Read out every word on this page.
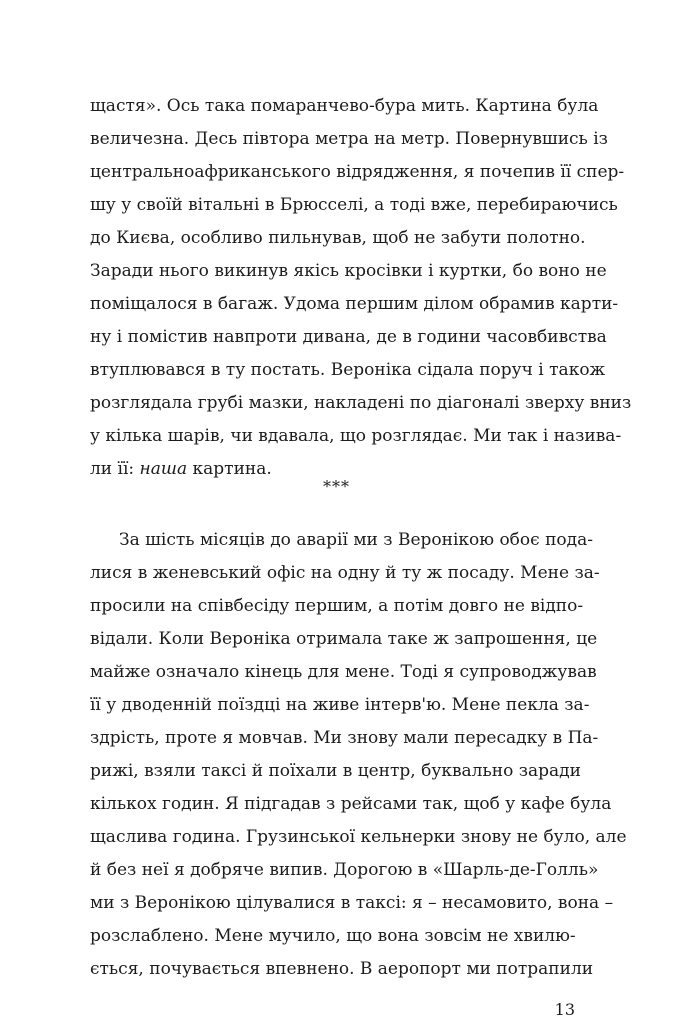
щастя». Ось така помаранчево-бура мить. Картина була
величезна. Десь півтора метра на метр. Повернувшись із
центральноафриканського відрядження, я почепив її спер-
шу у своїй вітальні в Брюсселі, а тоді вже, перебираючись
до Києва, особливо пильнував, щоб не забути полотно.
Заради нього викинув якісь кросівки і куртки, бо воно не
поміщалося в багаж. Удома першим ділом обрамив карти-
ну і помістив навпроти дивана, де в години часовбивства
втуплювався в ту постать. Вероніка сідала поруч і також
розглядала грубі мазки, накладені по діагоналі зверху вниз
у кілька шарів, чи вдавала, що розглядає. Ми так і назива-
ли її: наша картина.
***
За шість місяців до аварії ми з Веронікою обоє пода-
лися в женевський офіс на одну й ту ж посаду. Мене за-
просили на співбесіду першим, а потім довго не відпо-
відали. Коли Вероніка отримала таке ж запрошення, це
майже означало кінець для мене. Тоді я супроводжував
її у дводенній поїздці на живе інтерв'ю. Мене пекла за-
здрість, проте я мовчав. Ми знову мали пересадку в Па-
рижі, взяли таксі й поїхали в центр, буквально заради
кількох годин. Я підгадав з рейсами так, щоб у кафе була
щаслива година. Грузинської кельнерки знову не було, але
й без неї я добряче випив. Дорогою в «Шарль-де-Голль»
ми з Веронікою цілувалися в таксі: я – несамовито, вона –
розслаблено. Мене мучило, що вона зовсім не хвилю-
ється, почувається впевнено. В аеропорт ми потрапили
13
